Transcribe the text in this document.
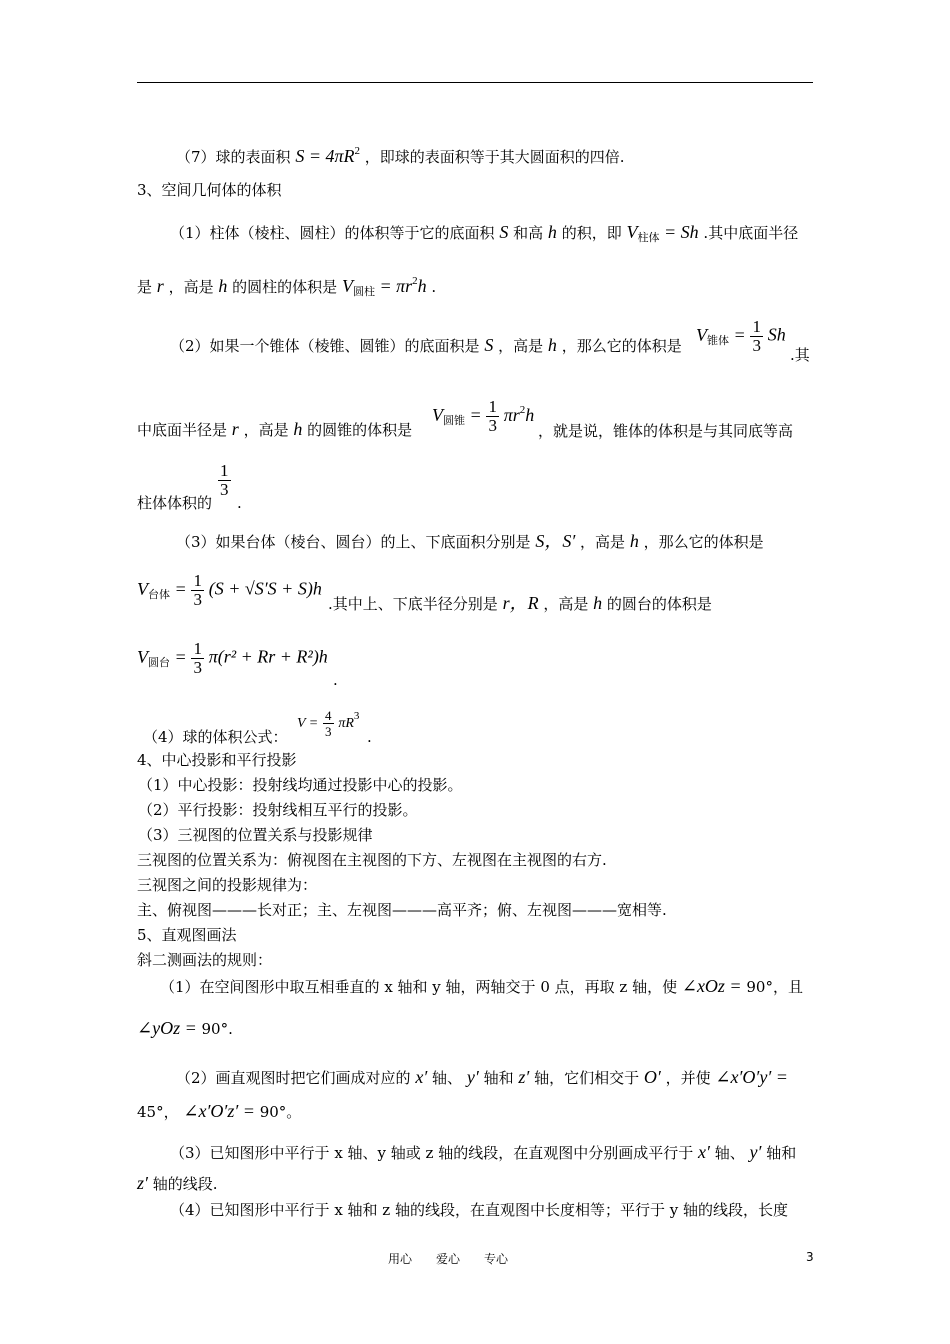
（7）球的表面积 $S = 4\pi R^2$ ，即球的表面积等于其大圆面积的四倍.
3、空间几何体的体积
（1）柱体（棱柱、圆柱）的体积等于它的底面积 S 和高 h 的积，即 $V_{柱体} = Sh$ .其中底面半径
是 r ，高是 h 的圆柱的体积是 $V_{圆柱} = \pi r^2h$ .
（2）如果一个锥体（棱锥、圆锥）的底面积是 S ，高是 h ，那么它的体积是
$V_{锥体} = \frac{1}{3}$ Sh
.其
中底面半径是 r ，高是 h 的圆锥的体积是
$V_{圆锥} = \frac{1}{3} \pi r^2h$
，就是说，锥体的体积是与其同底等高
$\frac{1}{3}$
柱体体积的 .
（3）如果台体（棱台、圆台）的上、下底面积分别是 S，S′ ，高是 h ，那么它的体积是
$V_{台体} = \frac{1}{3} (S + √S'S + S)h$
.其中上、下底半径分别是 r，R ，高是 h 的圆台的体积是
$V_{圆台} = \frac{1}{3} \pi(r^2 + Rr + R^2)h$
.
（4）球的体积公式：
$V = \frac{4}{3} \pi R^3$
.
4、中心投影和平行投影
（1）中心投影：投射线均通过投影中心的投影。
（2）平行投影：投射线相互平行的投影。
（3）三视图的位置关系与投影规律
三视图的位置关系为：俯视图在主视图的下方、左视图在主视图的右方.
三视图之间的投影规律为：
主、俯视图———长对正；主、左视图———高平齐；俯、左视图———宽相等.
5、直观图画法
斜二测画法的规则：
（1）在空间图形中取互相垂直的 x 轴和 y 轴，两轴交于 0 点，再取 z 轴，使 ∠xOz = 90°，且
∠yOz = 90°.
（2）画直观图时把它们画成对应的 x′ 轴、 y′ 轴和 z′ 轴，它们相交于 O′ ，并使 ∠x′O′y′ =
45°， ∠x′O′z′ = 90°。
（3）已知图形中平行于 x 轴、y 轴或 z 轴的线段，在直观图中分别画成平行于 x′ 轴、 y′ 轴和
z′ 轴的线段.
（4）已知图形中平行于 x 轴和 z 轴的线段，在直观图中长度相等；平行于 y 轴的线段，长度
用心　　爱心　　专心	3
